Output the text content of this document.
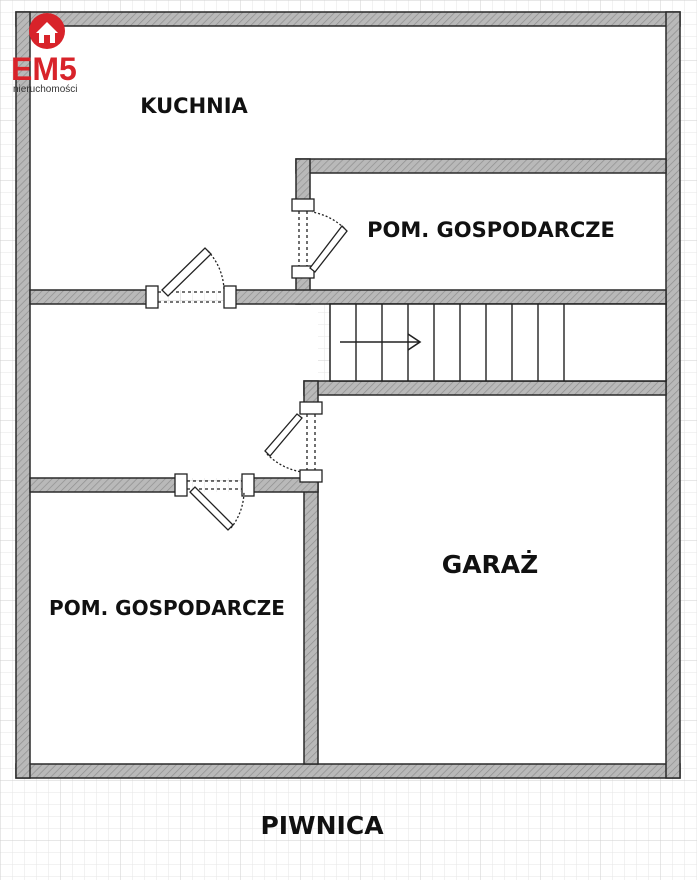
KUCHNIA
POM. GOSPODARCZE
GARAŻ
POM. GOSPODARCZE
PIWNICA
EM5
nieruchomości
